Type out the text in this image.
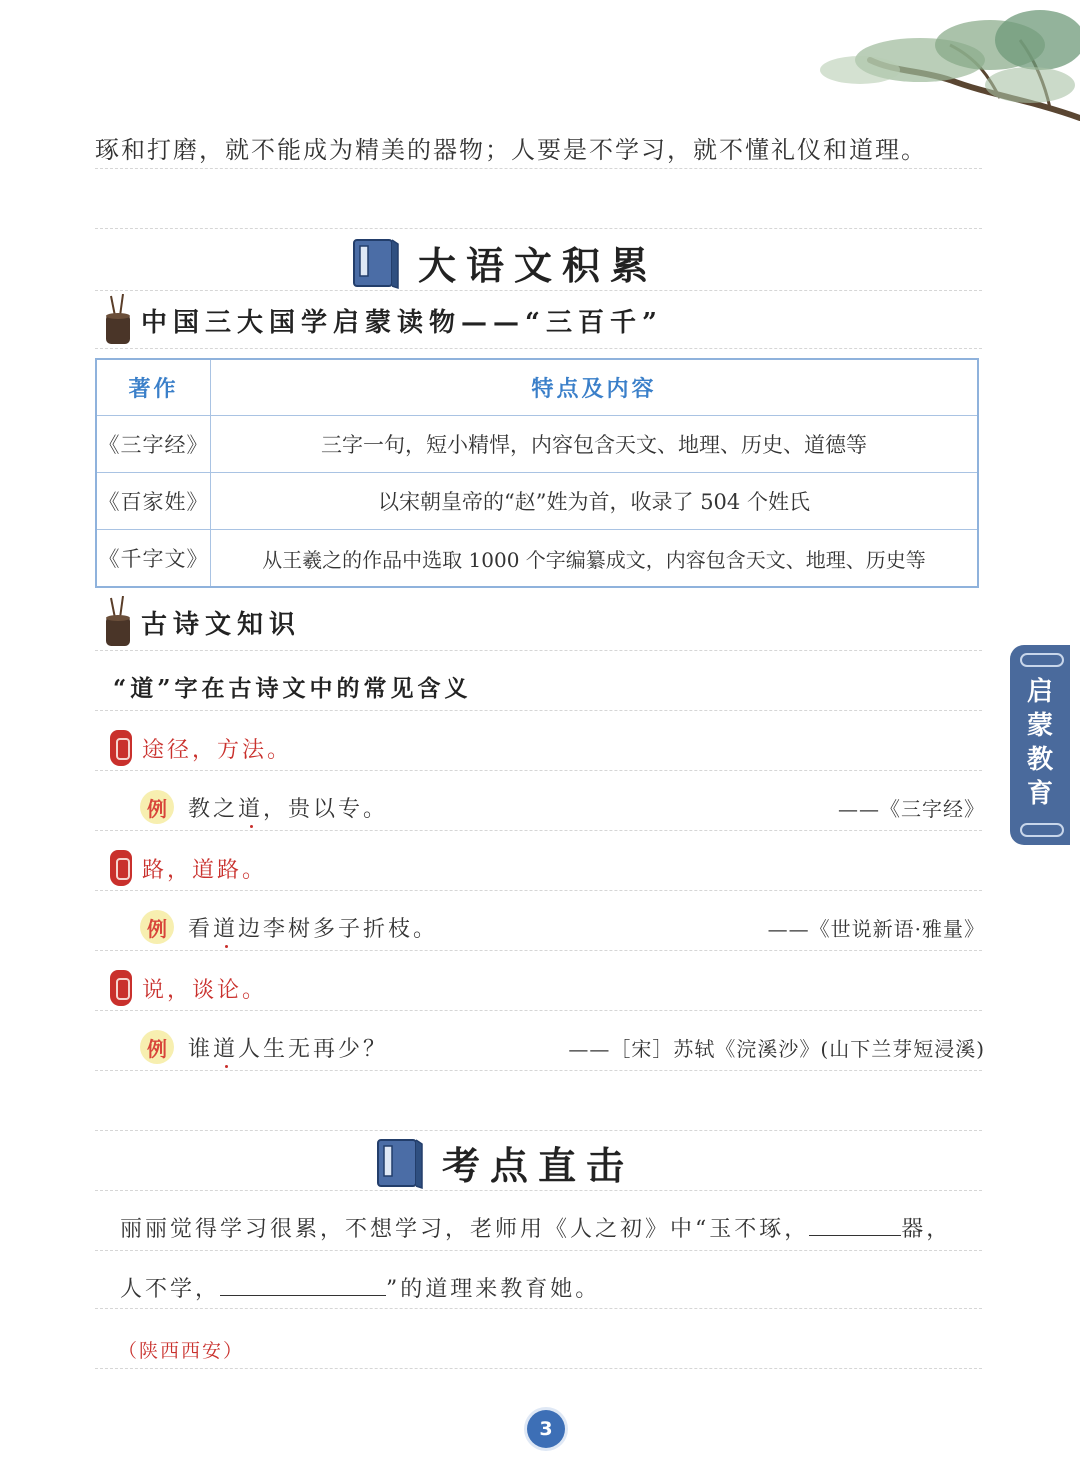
琢和打磨，就不能成为精美的器物；人要是不学习，就不懂礼仪和道理。
大语文积累
中国三大国学启蒙读物——“三百千”
著作	特点及内容
《三字经》	三字一句，短小精悍，内容包含天文、地理、历史、道德等
《百家姓》	以宋朝皇帝的“赵”姓为首，收录了 504 个姓氏
《千字文》	从王羲之的作品中选取 1000 个字编纂成文，内容包含天文、地理、历史等
古诗文知识
“道”字在古诗文中的常见含义
途径，方法。
例 教之道，贵以专。	——《三字经》
路，道路。
例 看道边李树多子折枝。	——《世说新语·雅量》
说，谈论。
例 谁道人生无再少？	——［宋］苏轼《浣溪沙》(山下兰芽短浸溪)
考点直击
丽丽觉得学习很累，不想学习，老师用《人之初》中“玉不琢，	器，
人不学，	”的道理来教育她。
（陕西西安）
启
蒙
教
育
3
